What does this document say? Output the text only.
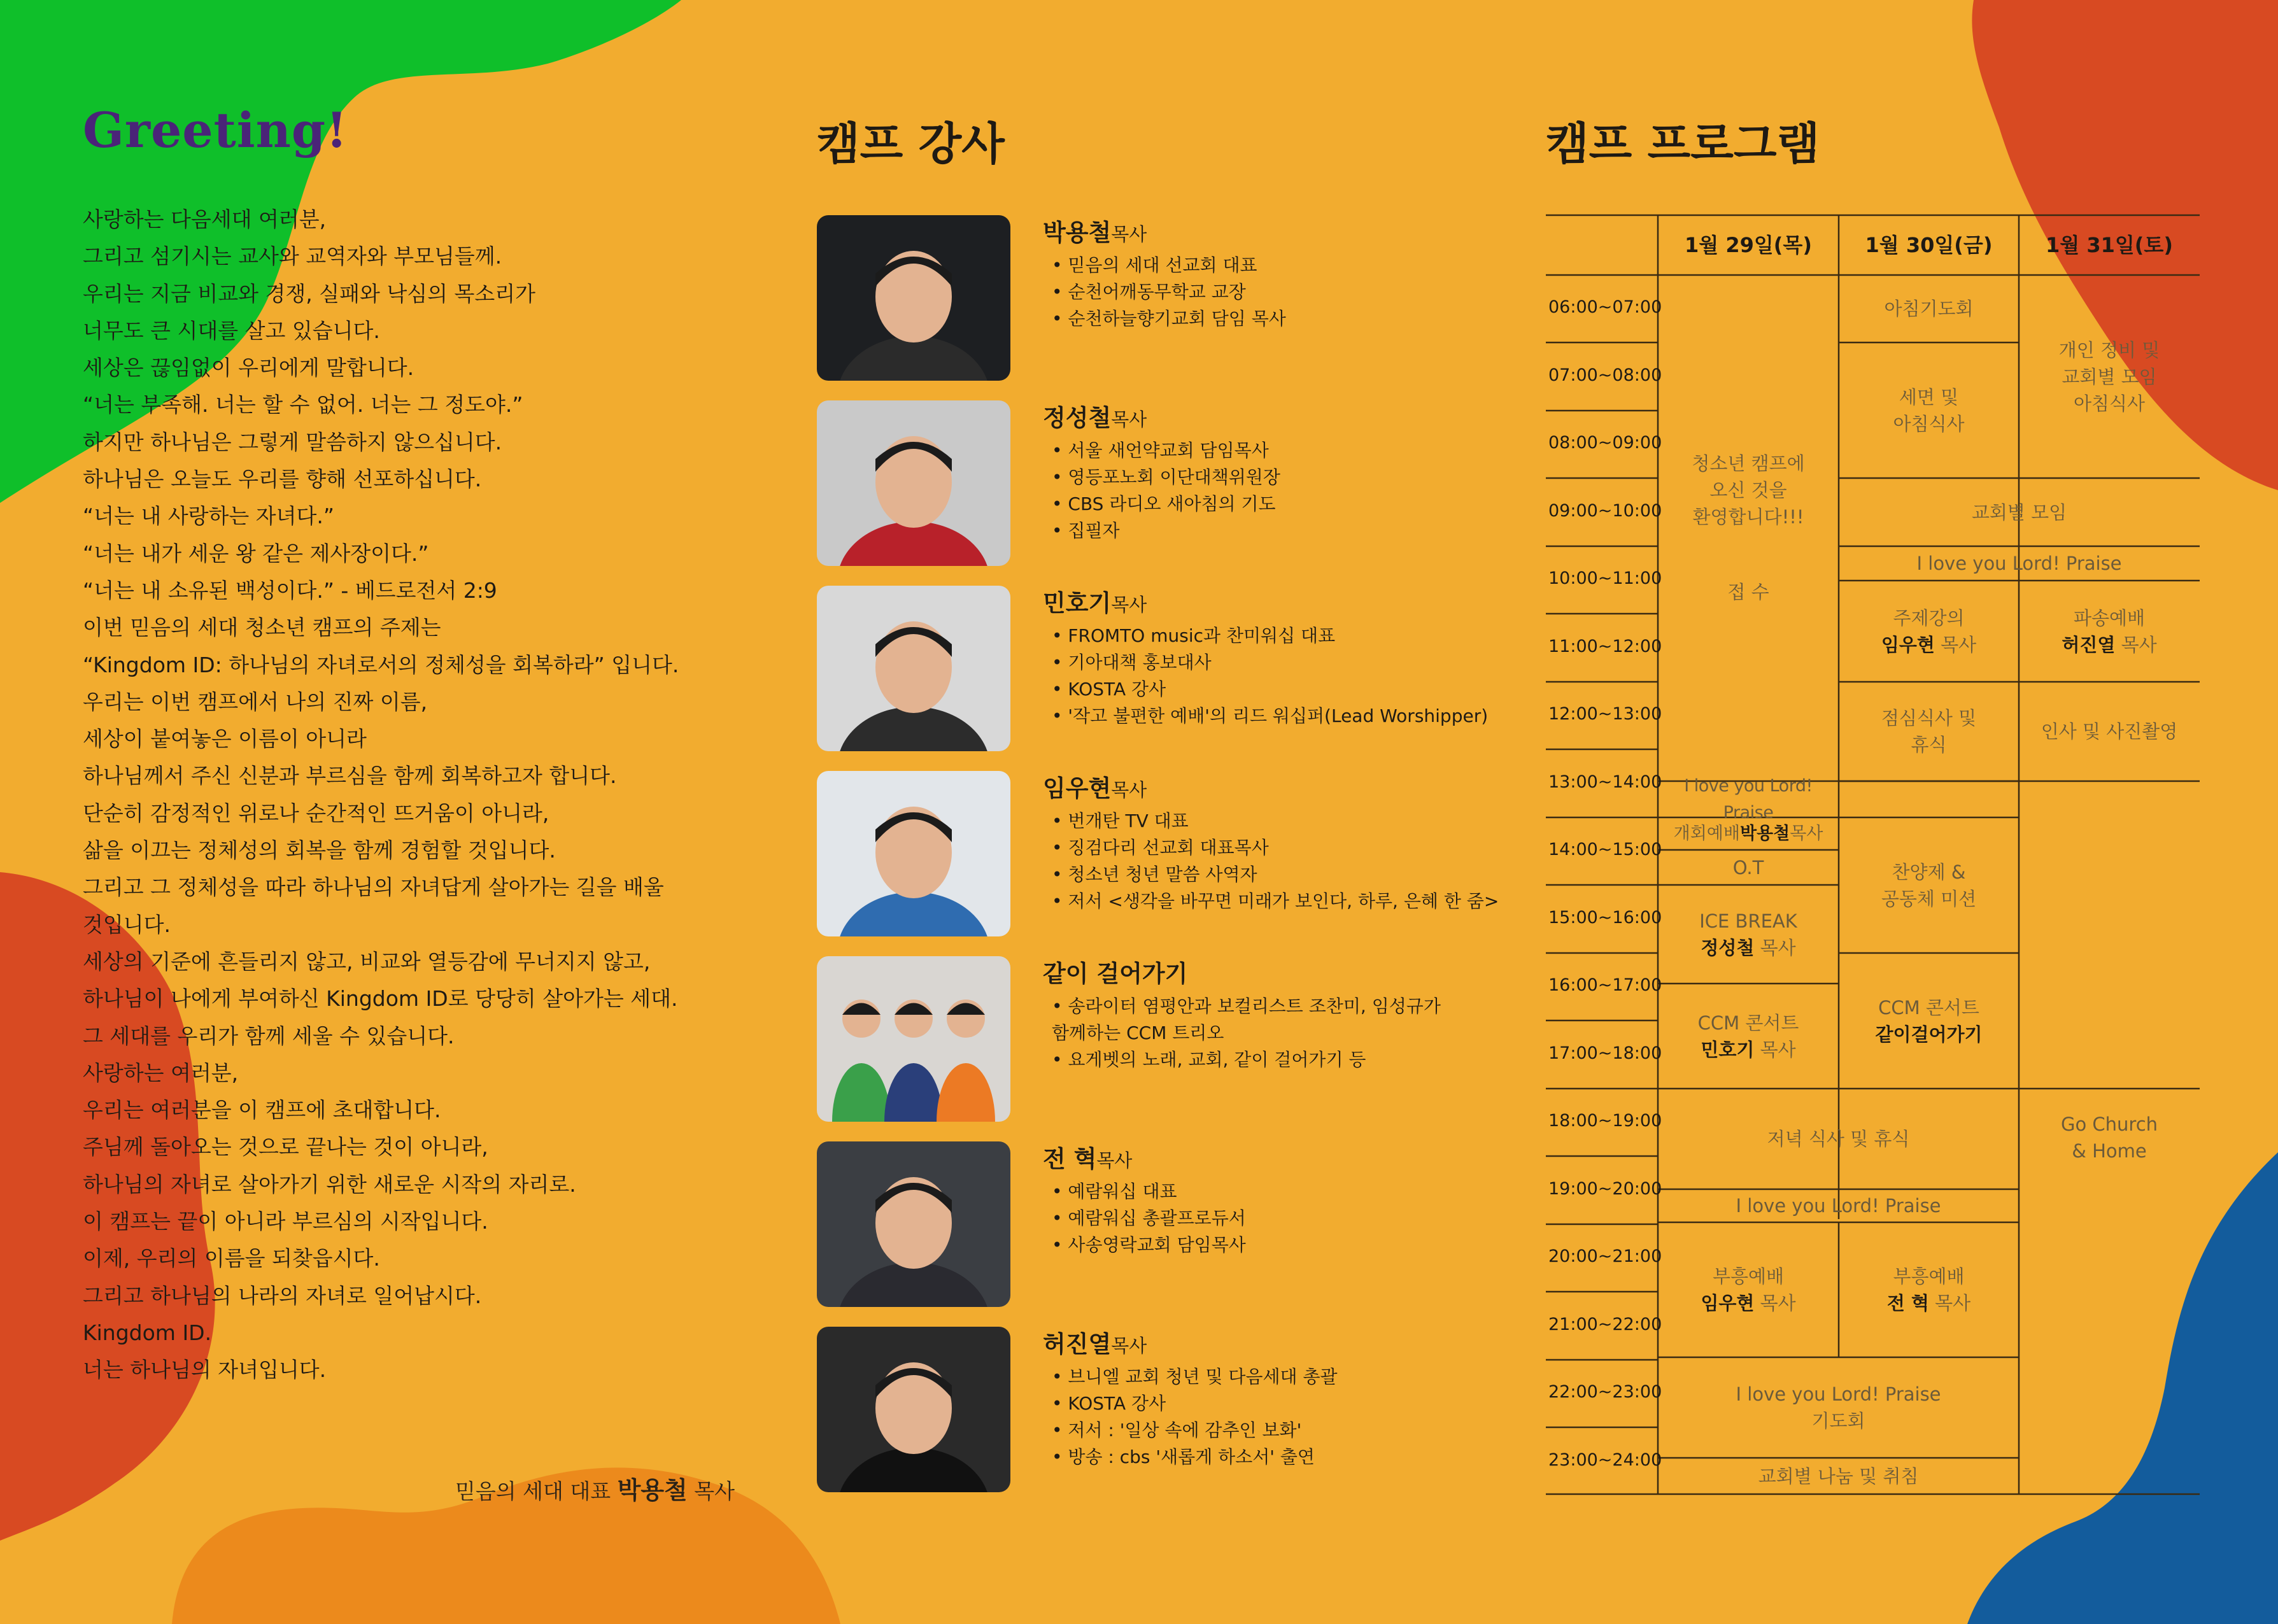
Greeting!
사랑하는 다음세대 여러분,
그리고 섬기시는 교사와 교역자와 부모님들께.
우리는 지금 비교와 경쟁, 실패와 낙심의 목소리가
너무도 큰 시대를 살고 있습니다.
세상은 끊임없이 우리에게 말합니다.
“너는 부족해. 너는 할 수 없어. 너는 그 정도야.”
하지만 하나님은 그렇게 말씀하지 않으십니다.
하나님은 오늘도 우리를 향해 선포하십니다.
“너는 내 사랑하는 자녀다.”
“너는 내가 세운 왕 같은 제사장이다.”
“너는 내 소유된 백성이다.” - 베드로전서 2:9
이번 믿음의 세대 청소년 캠프의 주제는
“Kingdom ID: 하나님의 자녀로서의 정체성을 회복하라” 입니다.
우리는 이번 캠프에서 나의 진짜 이름,
세상이 붙여놓은 이름이 아니라
하나님께서 주신 신분과 부르심을 함께 회복하고자 합니다.
단순히 감정적인 위로나 순간적인 뜨거움이 아니라,
삶을 이끄는 정체성의 회복을 함께 경험할 것입니다.
그리고 그 정체성을 따라 하나님의 자녀답게 살아가는 길을 배울
것입니다.
세상의 기준에 흔들리지 않고, 비교와 열등감에 무너지지 않고,
하나님이 나에게 부여하신 Kingdom ID로 당당히 살아가는 세대.
그 세대를 우리가 함께 세울 수 있습니다.
사랑하는 여러분,
우리는 여러분을 이 캠프에 초대합니다.
주님께 돌아오는 것으로 끝나는 것이 아니라,
하나님의 자녀로 살아가기 위한 새로운 시작의 자리로.
이 캠프는 끝이 아니라 부르심의 시작입니다.
이제, 우리의 이름을 되찾읍시다.
그리고 하나님의 나라의 자녀로 일어납시다.
Kingdom ID.
너는 하나님의 자녀입니다.
믿음의 세대 대표 박용철 목사
캠프 강사
박용철목사
• 믿음의 세대 선교회 대표
• 순천어깨동무학교 교장
• 순천하늘향기교회 담임 목사
정성철목사
• 서울 새언약교회 담임목사
• 영등포노회 이단대책위원장
• CBS 라디오 새아침의 기도
• 집필자
민호기목사
• FROMTO music과 찬미워십 대표
• 기아대책 홍보대사
• KOSTA 강사
• '작고 불편한 예배'의 리드 워십퍼(Lead Worshipper)
임우현목사
• 번개탄 TV 대표
• 징검다리 선교회 대표목사
• 청소년 청년 말씀 사역자
• 저서 <생각을 바꾸면 미래가 보인다, 하루, 은혜 한 줌>
같이 걸어가기
• 송라이터 염평안과 보컬리스트 조찬미, 임성규가
함께하는 CCM 트리오
• 요게벳의 노래, 교회, 같이 걸어가기 등
전 혁목사
• 예람워십 대표
• 예람워십 총괄프로듀서
• 사송영락교회 담임목사
허진열목사
• 브니엘 교회 청년 및 다음세대 총괄
• KOSTA 강사
• 저서 : '일상 속에 감추인 보화'
• 방송 : cbs '새롭게 하소서' 출연
캠프 프로그램
1월 29일(목)	1월 30일(금)	1월 31일(토)
06:00~07:00
07:00~08:00
08:00~09:00
09:00~10:00
10:00~11:00
11:00~12:00
12:00~13:00
13:00~14:00
14:00~15:00
15:00~16:00
16:00~17:00
17:00~18:00
18:00~19:00
19:00~20:00
20:00~21:00
21:00~22:00
22:00~23:00
23:00~24:00
청소년 캠프에
오신 것을
환영합니다!!!
접 수
I love you Lord! Praise
개회예배 박용철 목사
O.T
ICE BREAK
정성철 목사
CCM 콘서트
민호기 목사
아침기도회
세면 및
아침식사
교회별 모임
I love you Lord! Praise
주제강의
임우현 목사
점심식사 및
휴식
찬양제 &
공동체 미션
CCM 콘서트
같이걸어가기
개인 정비 및
교회별 모임
아침식사
파송예배
허진열 목사
인사 및 사진촬영
Go Church
& Home
저녁 식사 및 휴식
I love you Lord! Praise
부흥예배
임우현 목사
부흥예배
전 혁 목사
I love you Lord! Praise
기도회
교회별 나눔 및 취침
